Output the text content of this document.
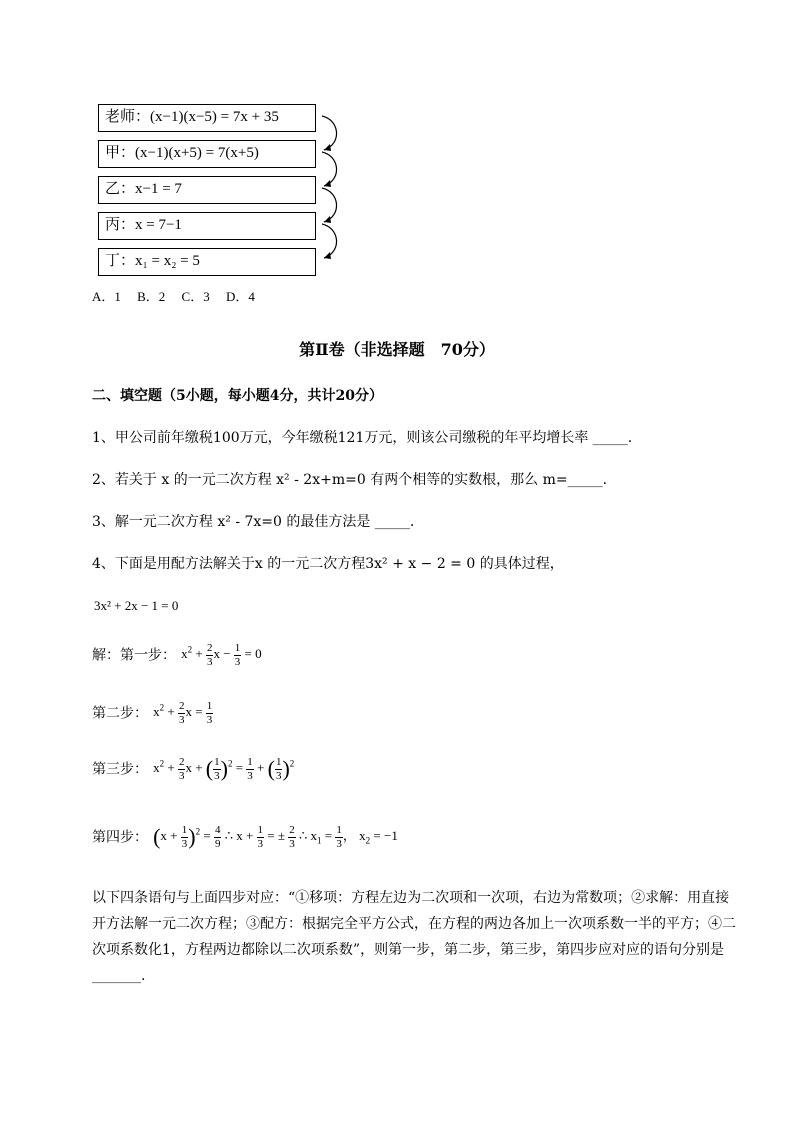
老师：(x−1)(x−5) = 7x + 35
甲：(x−1)(x+5) = 7(x+5)
乙：x−1 = 7
丙：x = 7−1
丁：x₁ = x₂ = 5
A．1　 B．2　 C．3　 D．4
第Ⅱ卷（非选择题　70分）
二、填空题（5小题，每小题4分，共计20分）
1、甲公司前年缴税100万元，今年缴税121万元，则该公司缴税的年平均增长率 _____.
2、若关于 x 的一元二次方程 x² - 2x+m=0 有两个相等的实数根，那么 m=_____.
3、解一元二次方程 x² - 7x=0 的最佳方法是 _____.
4、下面是用配方法解关于x 的一元二次方程3x² + x − 2 = 0 的具体过程，
3x² + 2x − 1 = 0
解：第一步： $x^2 + \frac{2}{3}$ $x - \frac{1}{3} = 0$
第二步： $x^2 + \frac{2}{3}$ $x = \frac{1}{3}$
第三步： $x^2 + \frac{2}{3}$ x + ( $\frac{1}{3} )^2 = \frac{1}{3}$ + ( $\frac{1}{3} )^2$
第四步： $(x + \frac{1}{3} )^2 = \frac{4}{9}$ ∴ $x + \frac{1}{3}$ = ± $\frac{2}{3}$ ∴ $x_1 = \frac{1}{3}$ ， $x_2 = -1$
以下四条语句与上面四步对应：“①移项：方程左边为二次项和一次项，右边为常数项；②求解：用直接开方法解一元二次方程；③配方：根据完全平方公式，在方程的两边各加上一次项系数一半的平方；④二次项系数化1，方程两边都除以二次项系数”，则第一步，第二步，第三步，第四步应对应的语句分别是_______.
